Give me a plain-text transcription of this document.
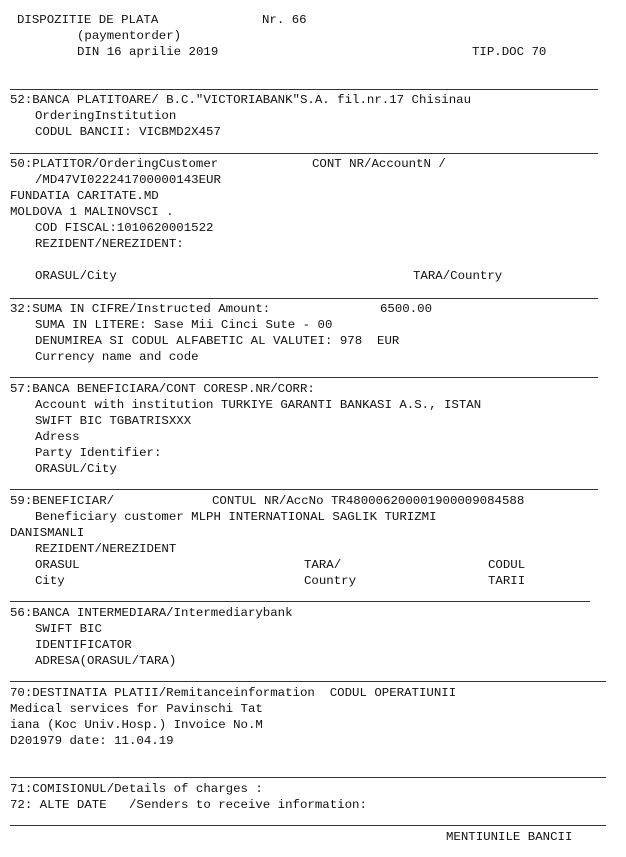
DISPOZITIE DE PLATA	Nr. 66
(paymentorder)
DIN 16 aprilie 2019	TIP.DOC 70
52:BANCA PLATITOARE/ B.C."VICTORIABANK"S.A. fil.nr.17 Chisinau
OrderingInstitution
CODUL BANCII: VICBMD2X457
50:PLATITOR/OrderingCustomer	CONT NR/AccountN /
/MD47VI022241700000143EUR
FUNDATIA CARITATE.MD
MOLDOVA 1 MALINOVSCI .
COD FISCAL:1010620001522
REZIDENT/NEREZIDENT:
ORASUL/City	TARA/Country
32:SUMA IN CIFRE/Instructed Amount:	6500.00
SUMA IN LITERE: Sase Mii Cinci Sute - 00
DENUMIREA SI CODUL ALFABETIC AL VALUTEI: 978  EUR
Currency name and code
57:BANCA BENEFICIARA/CONT CORESP.NR/CORR:
Account with institution TURKIYE GARANTI BANKASI A.S., ISTAN
SWIFT BIC TGBATRISXXX
Adress
Party Identifier:
ORASUL/City
59:BENEFICIAR/	CONTUL NR/AccNo TR480006200001900009084588
Beneficiary customer MLPH INTERNATIONAL SAGLIK TURIZMI
DANISMANLI
REZIDENT/NEREZIDENT
ORASUL	TARA/	CODUL
City	Country	TARII
56:BANCA INTERMEDIARA/Intermediarybank
SWIFT BIC
IDENTIFICATOR
ADRESA(ORASUL/TARA)
70:DESTINATIA PLATII/Remitanceinformation  CODUL OPERATIUNII
Medical services for Pavinschi Tat
iana (Koc Univ.Hosp.) Invoice No.M
D201979 date: 11.04.19
71:COMISIONUL/Details of charges :
72: ALTE DATE   /Senders to receive information:
MENTIUNILE BANCII
